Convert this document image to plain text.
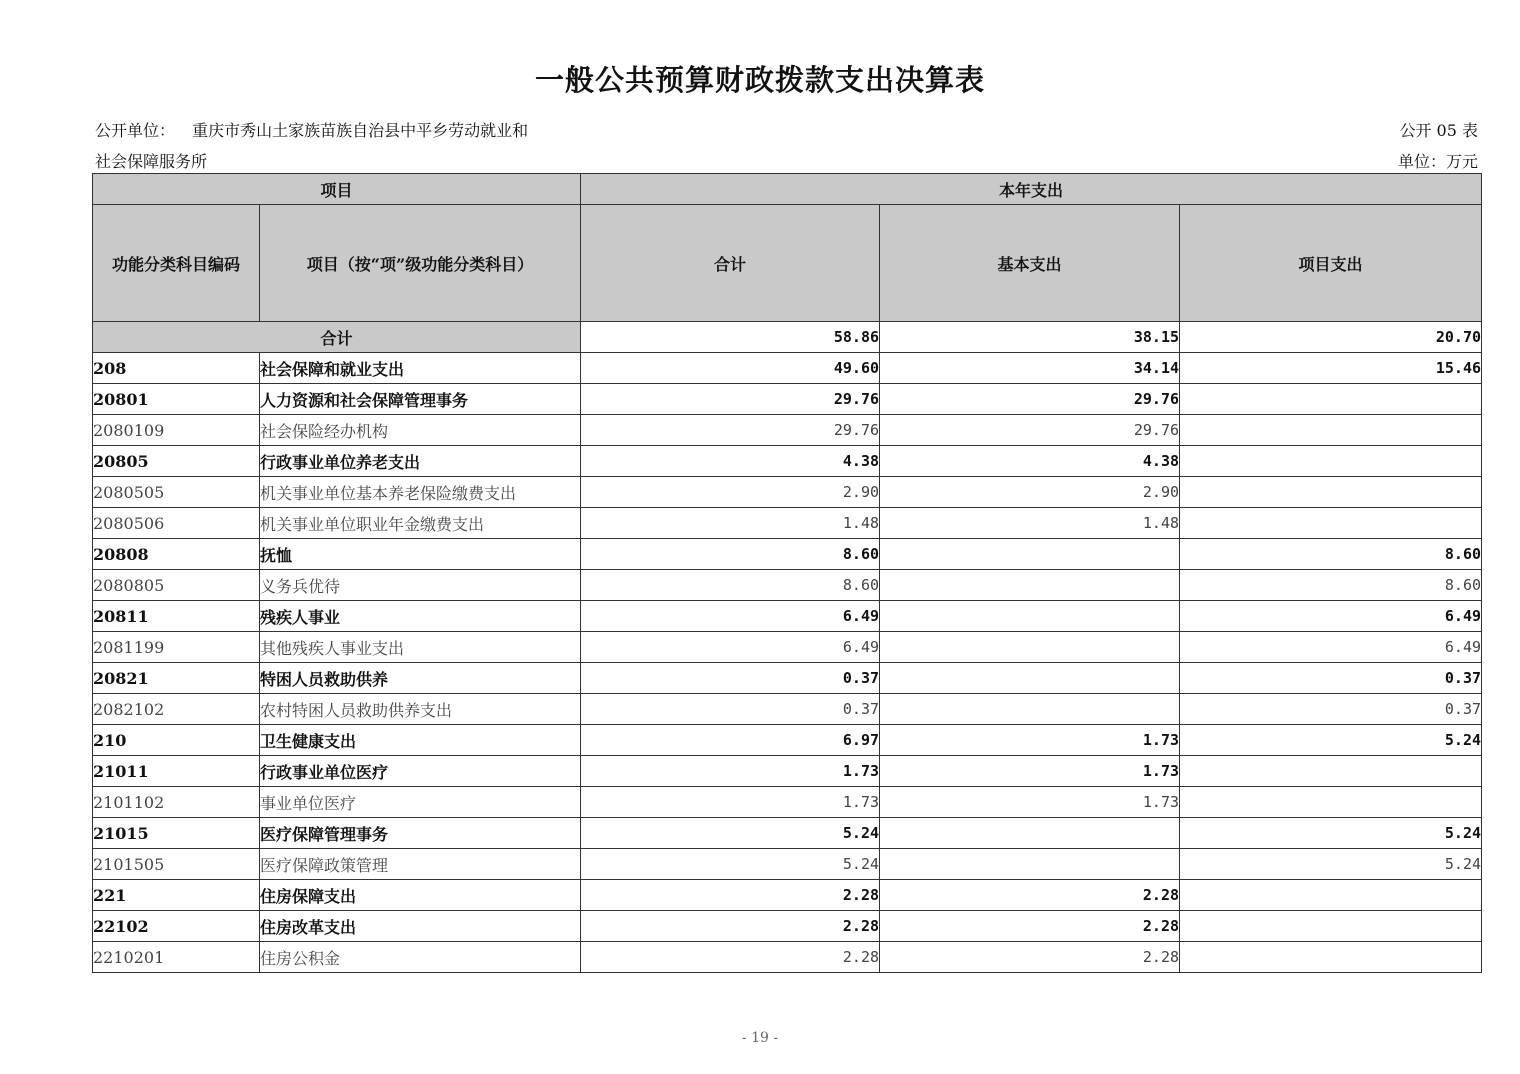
一般公共预算财政拨款支出决算表
公开单位： 重庆市秀山土家族苗族自治县中平乡劳动就业和
社会保障服务所
公开 05 表
单位：万元
项目		本年支出		
功能分类科目编码	项目（按“项”级功能分类科目）	合计	基本支出	项目支出
合计		58.86	38.15	20.70
208	社会保障和就业支出	49.60	34.14	15.46
20801	人力资源和社会保障管理事务	29.76	29.76	
2080109	社会保险经办机构	29.76	29.76	
20805	行政事业单位养老支出	4.38	4.38	
2080505	机关事业单位基本养老保险缴费支出	2.90	2.90	
2080506	机关事业单位职业年金缴费支出	1.48	1.48	
20808	抚恤	8.60		8.60
2080805	义务兵优待	8.60		8.60
20811	残疾人事业	6.49		6.49
2081199	其他残疾人事业支出	6.49		6.49
20821	特困人员救助供养	0.37		0.37
2082102	农村特困人员救助供养支出	0.37		0.37
210	卫生健康支出	6.97	1.73	5.24
21011	行政事业单位医疗	1.73	1.73	
2101102	事业单位医疗	1.73	1.73	
21015	医疗保障管理事务	5.24		5.24
2101505	医疗保障政策管理	5.24		5.24
221	住房保障支出	2.28	2.28	
22102	住房改革支出	2.28	2.28	
2210201	住房公积金	2.28	2.28	
- 19 -
